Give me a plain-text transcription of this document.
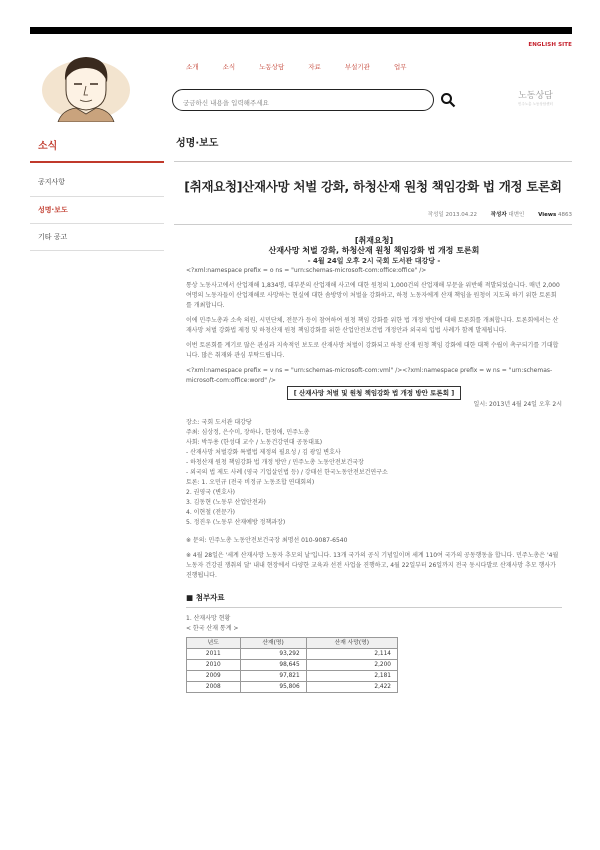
ENGLISH SITE
소개	소식	노동상담	자료	부설기관	업무
궁금하신 내용을 입력해주세요
노동상담
민주노총 노동상담센터
소식
공지사항
성명·보도
기타 공고
성명·보도
[취재요청]산재사망 처벌 강화, 하청산재 원청 책임강화 법 개정 토론회
작성일 2013.04.22	작성자 대변인	Views 4863
[취재요청]
산재사망 처벌 강화, 하청산재 원청 책임강화 법 개정 토론회
- 4월 24일 오후 2시 국회 도서관 대강당 -
<?xml:namespace prefix = o ns = "urn:schemas-microsoft-com:office:office" />

통상 노동사고에서 산업재해 1,834명, 대부분의 산업재해 사고에 대한 원청의 1,000건의 산업재해 부문을 위반해 적발되었습니다. 매년 2,000여명의 노동자들이 산업재해로 사망하는 현실에 대한 솜방망이 처벌을 강화하고, 하청 노동자에게 산재 책임을 원청이 지도록 하기 위한 토론회를 개최합니다.

이에 민주노총과 소속 의원, 시민단체, 전문가 등이 참여하여 원청 책임 강화를 위한 법 개정 방안에 대해 토론회를 개최합니다. 토론회에서는 산재사망 처벌 강화법 제정 및 하청산재 원청 책임강화를 위한 산업안전보건법 개정안과 외국의 입법 사례가 함께 발제됩니다.

이번 토론회를 계기로 많은 관심과 지속적인 보도로 산재사망 처벌이 강화되고 하청 산재 원청 책임 강화에 대한 대책 수립이 촉구되기를 기대합니다. 많은 취재와 관심 부탁드립니다.

<?xml:namespace prefix = v ns = "urn:schemas-microsoft-com:vml" /><?xml:namespace prefix = w ns = "urn:schemas-microsoft-com:office:word" />

[ 산재사망 처벌 및 원청 책임강화 법 개정 방안 토론회 ]
일시: 2013년 4월 24일 오후 2시
장소: 국회 도서관 대강당
주최: 심상정, 은수미, 장하나, 한정애, 민주노총
사회: 박두용 (한성대 교수 / 노동건강연대 공동대표)
- 산재사망 처벌강화 특별법 제정의 필요성 / 김 광일 변호사
- 하청산재 원청 책임강화 법 개정 방안 / 민주노총 노동안전보건국장
- 외국의 법 제도 사례 (영국 기업살인법 등) / 강태선 한국노동안전보건연구소
토론: 1. 오민규 (전국 비정규 노동조합 연대회의)
2. 권영국 (변호사)
3. 김동현 (노동부 산업안전과)
4. 이현철 (전문가)
5. 정진우 (노동부 산재예방 정책과장)
※ 문의: 민주노총 노동안전보건국장 최명선 010-9087-6540

※ 4월 28일은 '세계 산재사망 노동자 추모의 날'입니다. 13개 국가의 공식 기념일이며 세계 110여 국가의 공동행동을 합니다. 민주노총은 '4월 노동자 건강권 쟁취의 달' 내내 현장에서 다양한 교육과 선전 사업을 진행하고, 4월 22일부터 26일까지 전국 동시다발로 산재사망 추모 행사가 진행됩니다.

■ 첨부자료
1. 산재사망 현황
< 한국 산재 통계 >
년도	산재(명)	산재 사망(명)
2011	93,292	2,114
2010	98,645	2,200
2009	97,821	2,181
2008	95,806	2,422
